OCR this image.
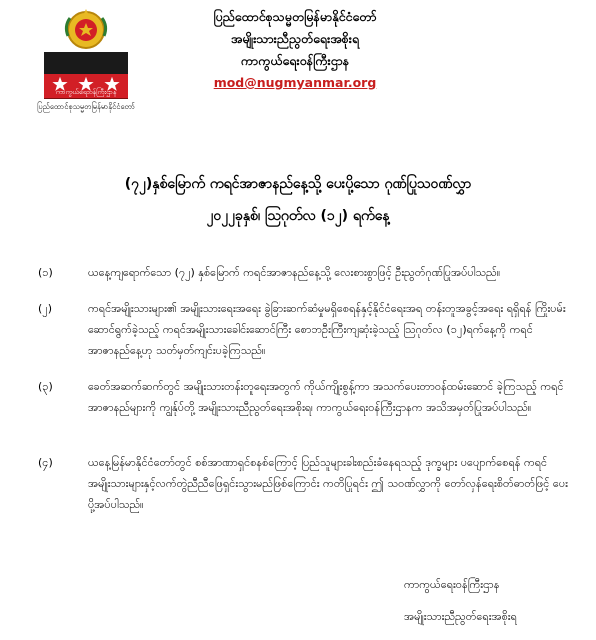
ကာကွယ်ရေးဝန်ကြီးဌာန
ပြည်ထောင်စုသမ္မတမြန်မာနိုင်ငံတော်
ပြည်ထောင်စုသမ္မတမြန်မာနိုင်ငံတော်
အမျိုးသားညီညွတ်ရေးအစိုးရ
ကာကွယ်ရေးဝန်ကြီးဌာန
mod@nugmyanmar.org
(၇၂)နှစ်မြောက် ကရင်အာဇာနည်နေ့သို့ ပေးပို့သော ဂုဏ်ပြုသဝဏ်လွှာ
၂၀၂၂ခုနှစ်၊ ဩဂုတ်လ (၁၂) ရက်နေ့
(၁)	ယနေ့ကျရောက်သော (၇၂) နှစ်မြောက် ကရင်အာဇာနည်နေ့သို့ လေးစားစွာဖြင့် ဦးညွတ်ဂုဏ်ပြုအပ်ပါသည်။
(၂)	ကရင်အမျိုးသားများ၏ အမျိုးသားရေးအရေး ခွဲခြားဆက်ဆံမှုမရှိစေရန်နှင့်နိုင်ငံရေးအရ တန်းတူအခွင့်အရေး ရရှိရန် ကြိုးပမ်းဆောင်ရွက်ခဲ့သည့် ကရင်အမျိုးသားခေါင်းဆောင်ကြီး စောဘဦးကြီးကျဆုံးခဲ့သည့် ဩဂုတ်လ (၁၂)ရက်နေ့ကို ကရင်အာဇာနည်နေ့ဟု သတ်မှတ်ကျင်းပခဲ့ကြသည်။
(၃)	ခေတ်အဆက်ဆက်တွင် အမျိုးသားတန်းတူရေးအတွက် ကိုယ်ကျိုးစွန့်ကာ အသက်ပေးတာဝန်ထမ်းဆောင် ခဲ့ကြသည့် ကရင်အာဇာနည်များကို ကျွန်ုပ်တို့ အမျိုးသားညီညွတ်ရေးအစိုးရ၊ ကာကွယ်ရေးဝန်ကြီးဌာနက အသိအမှတ်ပြုအပ်ပါသည်။
(၄)	ယနေ့မြန်မာနိုင်ငံတော်တွင် စစ်အာဏာရှင်စနစ်ကြောင့် ပြည်သူများခါးစည်းခံနေရသည့် ဒုက္ခများ ပပျောက်စေရန် ကရင်အမျိုးသားများနှင့်လက်တွဲညီညီဖြေရှင်းသွားမည်ဖြစ်ကြောင်း ကတိပြုရင်း ဤ သဝဏ်လွှာကို တော်လှန်ရေးစိတ်ဓာတ်ဖြင့် ပေးပို့အပ်ပါသည်။
ကာကွယ်ရေးဝန်ကြီးဌာန
အမျိုးသားညီညွတ်ရေးအစိုးရ
